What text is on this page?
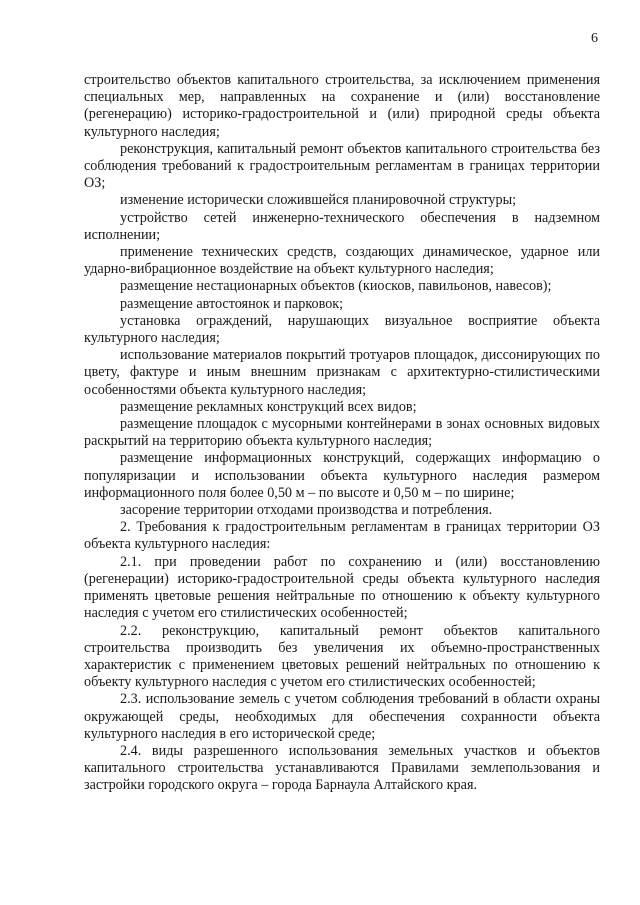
6

строительство объектов капитального строительства, за исключением применения специальных мер, направленных на сохранение и (или) восстановление (регенерацию) историко-градостроительной и (или) природной среды объекта культурного наследия;

реконструкция, капитальный ремонт объектов капитального строительства без соблюдения требований к градостроительным регламентам в границах территории ОЗ;

изменение исторически сложившейся планировочной структуры;

устройство сетей инженерно-технического обеспечения в надземном исполнении;

применение технических средств, создающих динамическое, ударное или ударно-вибрационное воздействие на объект культурного наследия;

размещение нестационарных объектов (киосков, павильонов, навесов);

размещение автостоянок и парковок;

установка ограждений, нарушающих визуальное восприятие объекта культурного наследия;

использование материалов покрытий тротуаров площадок, диссонирующих по цвету, фактуре и иным внешним признакам с архитектурно-стилистическими особенностями объекта культурного наследия;

размещение рекламных конструкций всех видов;

размещение площадок с мусорными контейнерами в зонах основных видовых раскрытий на территорию объекта культурного наследия;

размещение информационных конструкций, содержащих информацию о популяризации и использовании объекта культурного наследия размером информационного поля более 0,50 м – по высоте и 0,50 м – по ширине;

засорение территории отходами производства и потребления.

2. Требования к градостроительным регламентам в границах территории ОЗ объекта культурного наследия:

2.1. при проведении работ по сохранению и (или) восстановлению (регенерации) историко-градостроительной среды объекта культурного наследия применять цветовые решения нейтральные по отношению к объекту культурного наследия с учетом его стилистических особенностей;

2.2. реконструкцию, капитальный ремонт объектов капитального строительства производить без увеличения их объемно-пространственных характеристик с применением цветовых решений нейтральных по отношению к объекту культурного наследия с учетом его стилистических особенностей;

2.3. использование земель с учетом соблюдения требований в области охраны окружающей среды, необходимых для обеспечения сохранности объекта культурного наследия в его исторической среде;

2.4. виды разрешенного использования земельных участков и объектов капитального строительства устанавливаются Правилами землепользования и застройки городского округа – города Барнаула Алтайского края.
